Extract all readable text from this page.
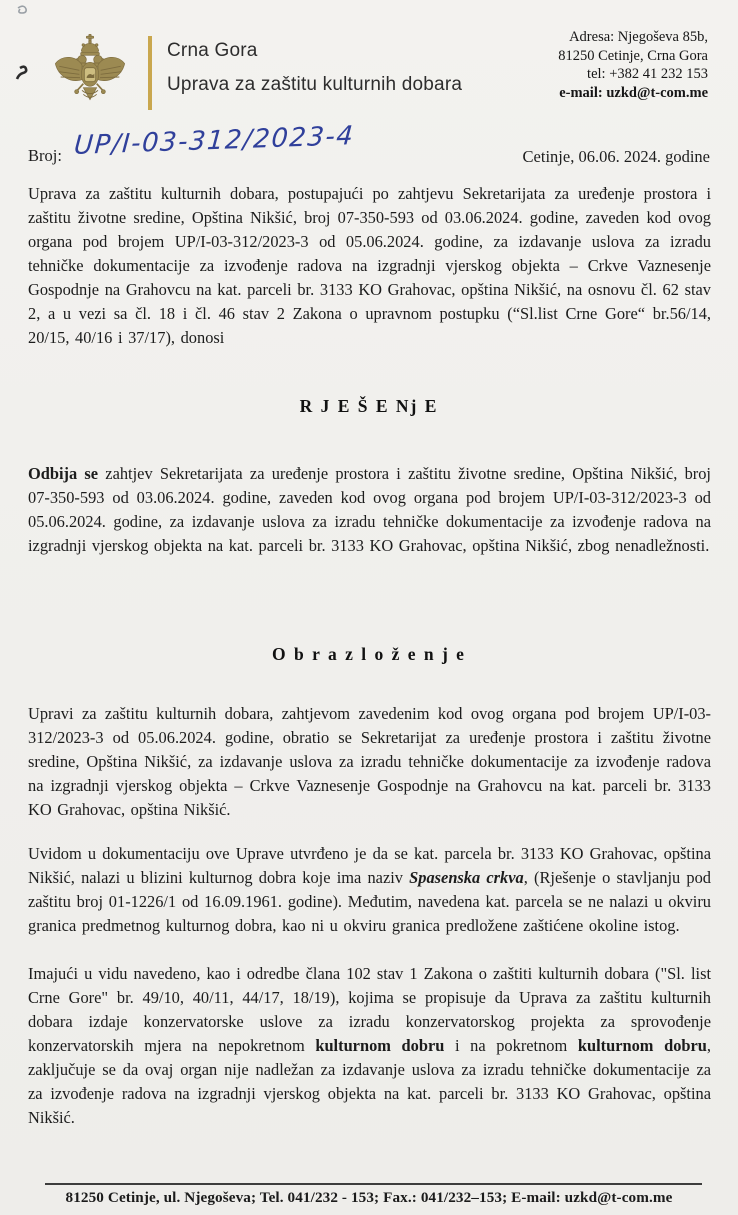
Crna Gora
Uprava za zaštitu kulturnih dobara
Adresa: Njegoševa 85b,
81250 Cetinje, Crna Gora
tel: +382 41 232 153
e-mail: uzkd@t-com.me
Broj: UP/I-03-312/2023-4	Cetinje, 06.06. 2024. godine

Uprava za zaštitu kulturnih dobara, postupajući po zahtjevu Sekretarijata za uređenje prostora i zaštitu životne sredine, Opština Nikšić, broj 07-350-593 od 03.06.2024. godine, zaveden kod ovog organa pod brojem UP/I-03-312/2023-3 od 05.06.2024. godine, za izdavanje uslova za izradu tehničke dokumentacije za izvođenje radova na izgradnji vjerskog objekta – Crkve Vaznesenje Gospodnje na Grahovcu na kat. parceli br. 3133 KO Grahovac, opština Nikšić, na osnovu čl. 62 stav 2, a u vezi sa čl. 18 i čl. 46 stav 2 Zakona o upravnom postupku (“Sl.list Crne Gore“ br.56/14, 20/15, 40/16 i 37/17), donosi

R J E Š E Nj E

Odbija se zahtjev Sekretarijata za uređenje prostora i zaštitu životne sredine, Opština Nikšić, broj 07-350-593 od 03.06.2024. godine, zaveden kod ovog organa pod brojem UP/I-03-312/2023-3 od 05.06.2024. godine, za izdavanje uslova za izradu tehničke dokumentacije za izvođenje radova na izgradnji vjerskog objekta na kat. parceli br. 3133 KO Grahovac, opština Nikšić, zbog nenadležnosti.

O b r a z l o ž e n j e

Upravi za zaštitu kulturnih dobara, zahtjevom zavedenim kod ovog organa pod brojem UP/I-03-312/2023-3 od 05.06.2024. godine, obratio se Sekretarijat za uređenje prostora i zaštitu životne sredine, Opština Nikšić, za izdavanje uslova za izradu tehničke dokumentacije za izvođenje radova na izgradnji vjerskog objekta – Crkve Vaznesenje Gospodnje na Grahovcu na kat. parceli br. 3133 KO Grahovac, opština Nikšić.

Uvidom u dokumentaciju ove Uprave utvrđeno je da se kat. parcela br. 3133 KO Grahovac, opština Nikšić, nalazi u blizini kulturnog dobra koje ima naziv Spasenska crkva, (Rješenje o stavljanju pod zaštitu broj 01-1226/1 od 16.09.1961. godine). Međutim, navedena kat. parcela se ne nalazi u okviru granica predmetnog kulturnog dobra, kao ni u okviru granica predložene zaštićene okoline istog.

Imajući u vidu navedeno, kao i odredbe člana 102 stav 1 Zakona o zaštiti kulturnih dobara ("Sl. list Crne Gore" br. 49/10, 40/11, 44/17, 18/19), kojima se propisuje da Uprava za zaštitu kulturnih dobara izdaje konzervatorske uslove za izradu konzervatorskog projekta za sprovođenje konzervatorskih mjera na nepokretnom kulturnom dobru i na pokretnom kulturnom dobru, zaključuje se da ovaj organ nije nadležan za izdavanje uslova za izradu tehničke dokumentacije za za izvođenje radova na izgradnji vjerskog objekta na kat. parceli br. 3133 KO Grahovac, opština Nikšić.

81250 Cetinje, ul. Njegoševa; Tel. 041/232 - 153; Fax.: 041/232–153; E-mail: uzkd@t-com.me
